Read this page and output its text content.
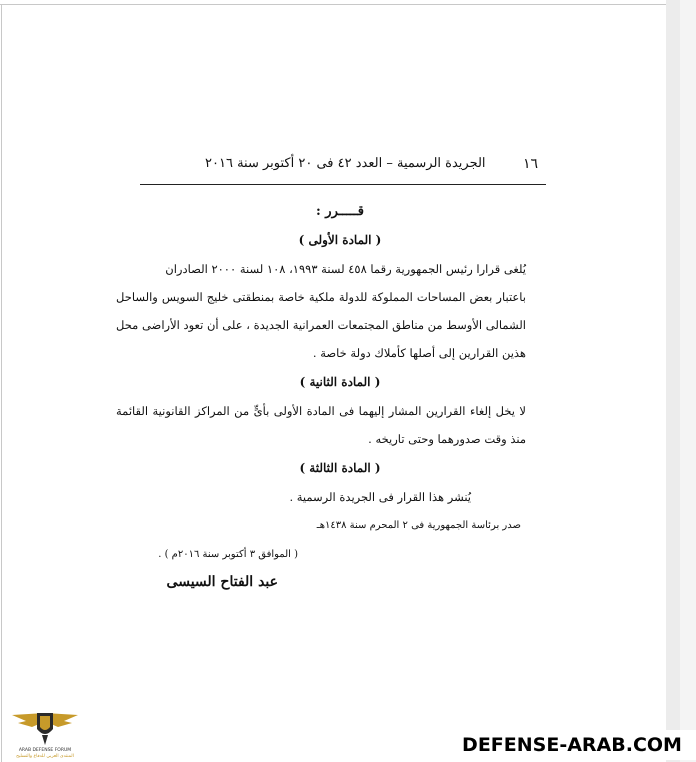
١٦
الجريدة الرسمية – العدد ٤٢ فى ٢٠ أكتوبر سنة ٢٠١٦
قـــــرر :
( المادة الأولى )
يُلغى قرارا رئيس الجمهورية رقما ٤٥٨ لسنة ١٩٩٣، ١٠٨ لسنة ٢٠٠٠ الصادران
باعتبار بعض المساحات المملوكة للدولة ملكية خاصة بمنطقتى خليج السويس والساحل
الشمالى الأوسط من مناطق المجتمعات العمرانية الجديدة ، على أن تعود الأراضى محل
هذين القرارين إلى أصلها كأملاك دولة خاصة .
( المادة الثانية )
لا يخل إلغاء القرارين المشار إليهما فى المادة الأولى بأىٍّ من المراكز القانونية القائمة
منذ وقت صدورهما وحتى تاريخه .
( المادة الثالثة )
يُنشر هذا القرار فى الجريدة الرسمية .
صدر برئاسة الجمهورية فى ٢ المحرم سنة ١٤٣٨هـ
( الموافق ٣ أكتوبر سنة ٢٠١٦م ) .
عبد الفتاح السيسى
ARAB DEFENSE FORUM
المنتدى العربي للدفاع والتسليح
DEFENSE-ARAB.COM
